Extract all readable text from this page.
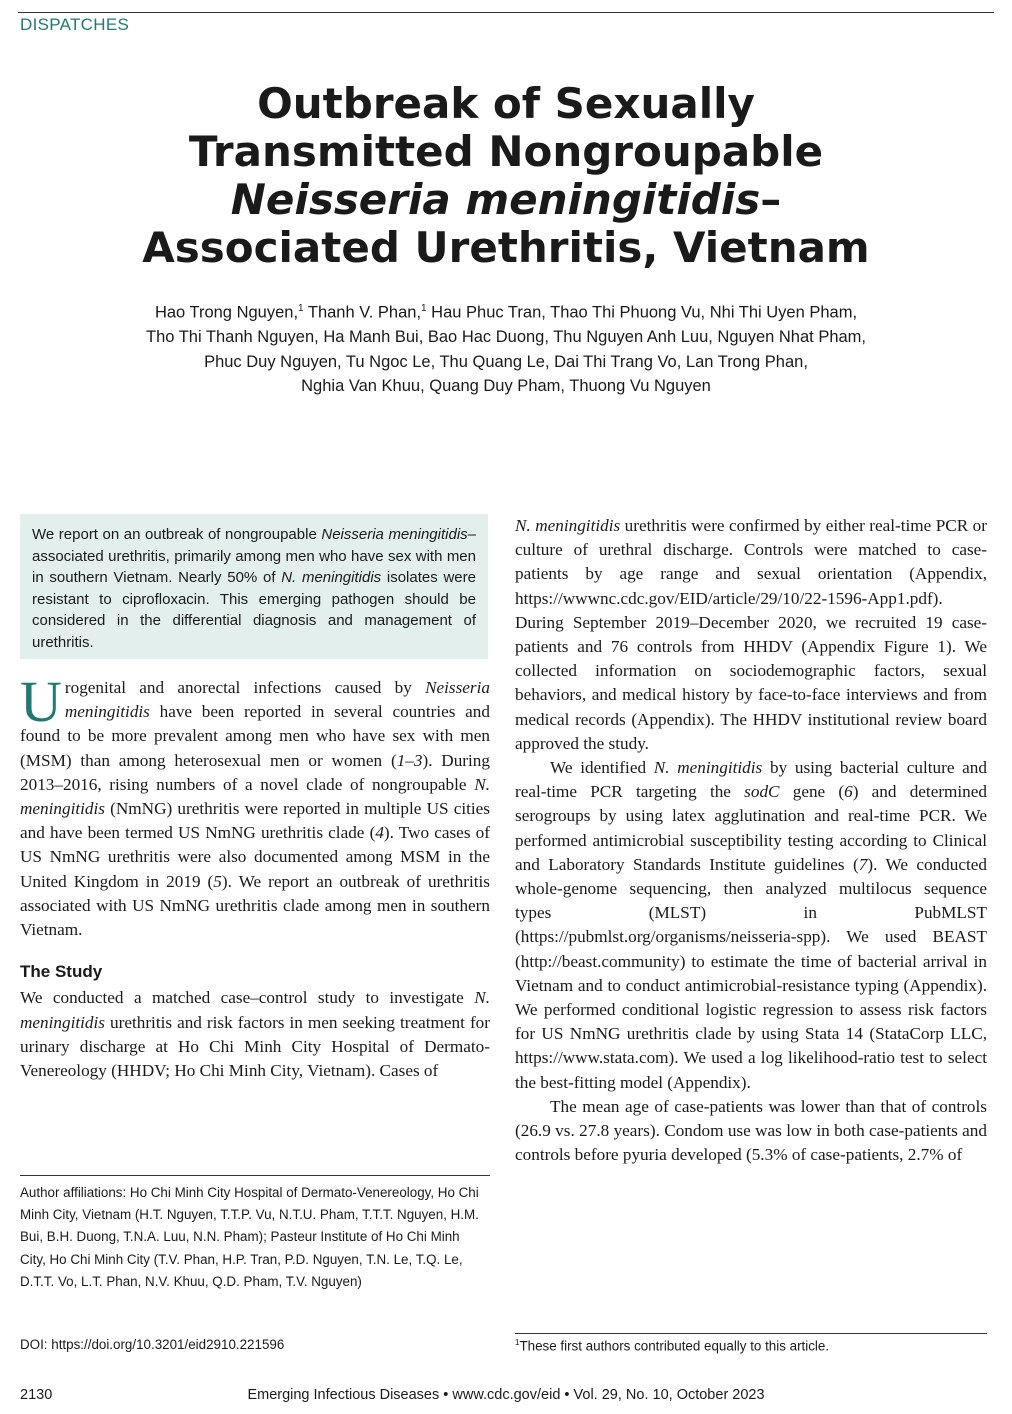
DISPATCHES
Outbreak of Sexually
Transmitted Nongroupable
Neisseria meningitidis–
Associated Urethritis, Vietnam
Hao Trong Nguyen,$^1$ Thanh V. Phan,$^1$ Hau Phuc Tran, Thao Thi Phuong Vu, Nhi Thi Uyen Pham,
Tho Thi Thanh Nguyen, Ha Manh Bui, Bao Hac Duong, Thu Nguyen Anh Luu, Nguyen Nhat Pham,
Phuc Duy Nguyen, Tu Ngoc Le, Thu Quang Le, Dai Thi Trang Vo, Lan Trong Phan,
Nghia Van Khuu, Quang Duy Pham, Thuong Vu Nguyen

We report on an outbreak of nongroupable Neisseria meningitidis–associated urethritis, primarily among men who have sex with men in southern Vietnam. Nearly 50% of N. meningitidis isolates were resistant to ciprofloxacin. This emerging pathogen should be considered in the differential diagnosis and management of urethritis.

Urogenital and anorectal infections caused by Neisseria meningitidis have been reported in several countries and found to be more prevalent among men who have sex with men (MSM) than among heterosexual men or women (1–3). During 2013–2016, rising numbers of a novel clade of nongroupable N. meningitidis (NmNG) urethritis were reported in multiple US cities and have been termed US NmNG urethritis clade (4). Two cases of US NmNG urethritis were also documented among MSM in the United Kingdom in 2019 (5). We report an outbreak of urethritis associated with US NmNG urethritis clade among men in southern Vietnam.

The Study

We conducted a matched case–control study to investigate N. meningitidis urethritis and risk factors in men seeking treatment for urinary discharge at Ho Chi Minh City Hospital of Dermato-Venereology (HHDV; Ho Chi Minh City, Vietnam). Cases of

Author affiliations: Ho Chi Minh City Hospital of Dermato-Venereology, Ho Chi Minh City, Vietnam (H.T. Nguyen, T.T.P. Vu, N.T.U. Pham, T.T.T. Nguyen, H.M. Bui, B.H. Duong, T.N.A. Luu, N.N. Pham); Pasteur Institute of Ho Chi Minh City, Ho Chi Minh City (T.V. Phan, H.P. Tran, P.D. Nguyen, T.N. Le, T.Q. Le, D.T.T. Vo, L.T. Phan, N.V. Khuu, Q.D. Pham, T.V. Nguyen)
DOI: https://doi.org/10.3201/eid2910.221596

N. meningitidis urethritis were confirmed by either real-time PCR or culture of urethral discharge. Controls were matched to case-patients by age range and sexual orientation (Appendix, https://wwwnc.cdc.gov/EID/article/29/10/22-1596-App1.pdf). During September 2019–December 2020, we recruited 19 case-patients and 76 controls from HHDV (Appendix Figure 1). We collected information on sociodemographic factors, sexual behaviors, and medical history by face-to-face interviews and from medical records (Appendix). The HHDV institutional review board approved the study.

We identified N. meningitidis by using bacterial culture and real-time PCR targeting the sodC gene (6) and determined serogroups by using latex agglutination and real-time PCR. We performed antimicrobial susceptibility testing according to Clinical and Laboratory Standards Institute guidelines (7). We conducted whole-genome sequencing, then analyzed multilocus sequence types (MLST) in PubMLST (https://pubmlst.org/organisms/neisseria-spp). We used BEAST (http://beast.community) to estimate the time of bacterial arrival in Vietnam and to conduct antimicrobial-resistance typing (Appendix). We performed conditional logistic regression to assess risk factors for US NmNG urethritis clade by using Stata 14 (StataCorp LLC, https://www.stata.com). We used a log likelihood-ratio test to select the best-fitting model (Appendix).

The mean age of case-patients was lower than that of controls (26.9 vs. 27.8 years). Condom use was low in both case-patients and controls before pyuria developed (5.3% of case-patients, 2.7% of

$^1$These first authors contributed equally to this article.
2130	Emerging Infectious Diseases • www.cdc.gov/eid • Vol. 29, No. 10, October 2023
